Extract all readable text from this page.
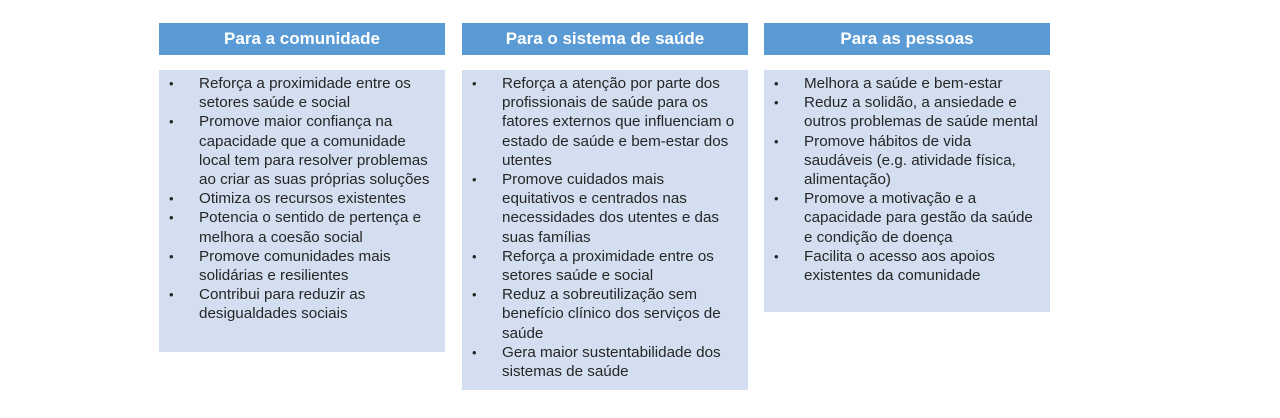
Para a comunidade
• Reforça a proximidade entre os setores saúde e social
• Promove maior confiança na capacidade que a comunidade local tem para resolver problemas ao criar as suas próprias soluções
• Otimiza os recursos existentes
• Potencia o sentido de pertença e melhora a coesão social
• Promove comunidades mais solidárias e resilientes
• Contribui para reduzir as desigualdades sociais
Para o sistema de saúde
• Reforça a atenção por parte dos profissionais de saúde para os fatores externos que influenciam o estado de saúde e bem-estar dos utentes
• Promove cuidados mais equitativos e centrados nas necessidades dos utentes e das suas famílias
• Reforça a proximidade entre os setores saúde e social
• Reduz a sobreutilização sem benefício clínico dos serviços de saúde
• Gera maior sustentabilidade dos sistemas de saúde
Para as pessoas
• Melhora a saúde e bem-estar
• Reduz a solidão, a ansiedade e outros problemas de saúde mental
• Promove hábitos de vida saudáveis (e.g. atividade física, alimentação)
• Promove a motivação e a capacidade para gestão da saúde e condição de doença
• Facilita o acesso aos apoios existentes da comunidade
